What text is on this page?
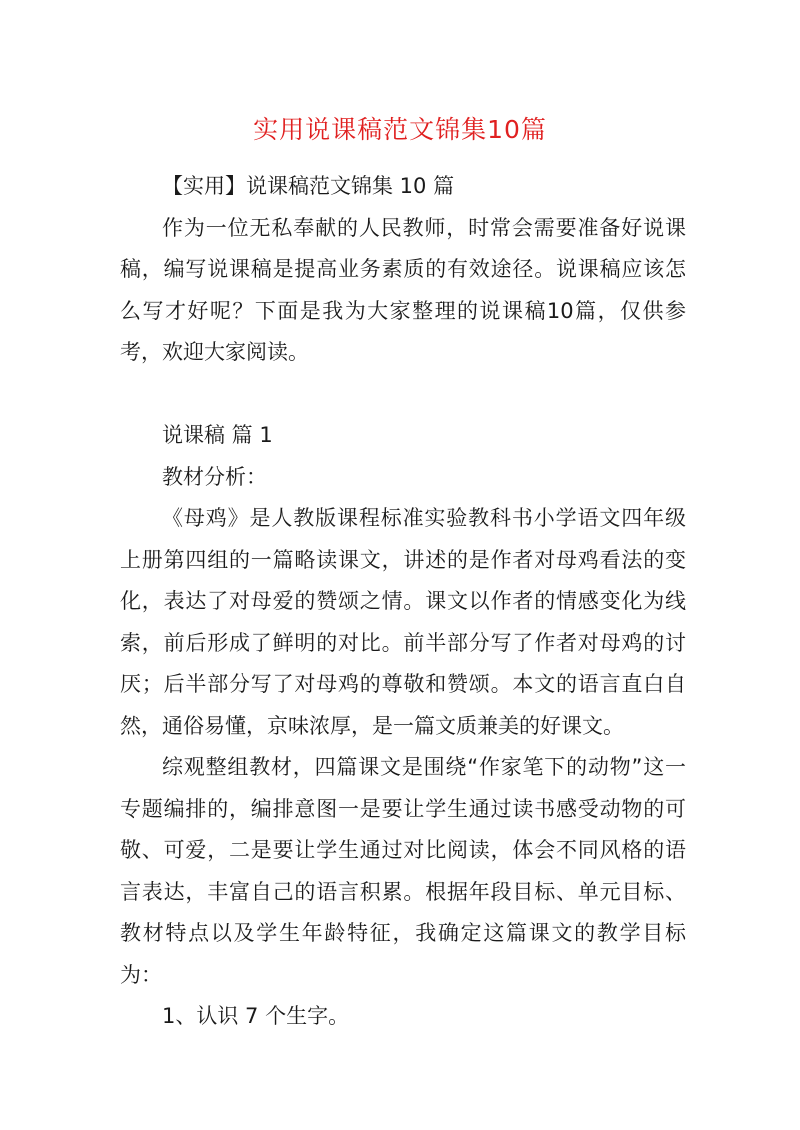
实用说课稿范文锦集10篇

【实用】说课稿范文锦集 10 篇

作为一位无私奉献的人民教师，时常会需要准备好说课稿，编写说课稿是提高业务素质的有效途径。说课稿应该怎么写才好呢？下面是我为大家整理的说课稿10篇，仅供参考，欢迎大家阅读。

说课稿 篇 1

教材分析：

《母鸡》是人教版课程标准实验教科书小学语文四年级上册第四组的一篇略读课文，讲述的是作者对母鸡看法的变化，表达了对母爱的赞颂之情。课文以作者的情感变化为线索，前后形成了鲜明的对比。前半部分写了作者对母鸡的讨厌；后半部分写了对母鸡的尊敬和赞颂。本文的语言直白自然，通俗易懂，京味浓厚，是一篇文质兼美的好课文。

综观整组教材，四篇课文是围绕“作家笔下的动物”这一专题编排的，编排意图一是要让学生通过读书感受动物的可敬、可爱，二是要让学生通过对比阅读，体会不同风格的语言表达，丰富自己的语言积累。根据年段目标、单元目标、教材特点以及学生年龄特征，我确定这篇课文的教学目标为：

1、认识 7 个生字。
